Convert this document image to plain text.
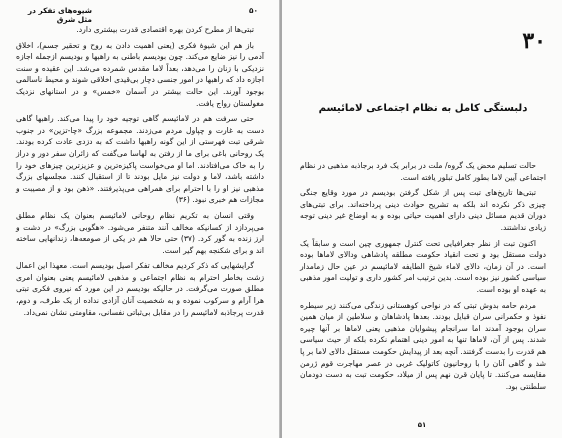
۵۰
شیوه‌های تفکر در مثل شرق

تبتی‌ها از مطرح کردن بهره اقتصادی قدرت بیشتری دارد.

باز هم این شیوهٔ فکری (یعنی اهمیت دادن به روح و تحقیر جسم)، اخلاق آدمی را نیز ضایع می‌کند. چون بودیسم باطنی به راهبها و بودیسم ازجمله اجازه نزدیکی با زنان را می‌دهد، بعداً لاما مقدس شمرده می‌شد. این عقیده و سنت اجازه داد که راهبها در امور جنسی دچار بی‌قیدی اخلاقی شوند و محیط ناسالمی بوجود آورند. این حالت بیشتر در آسمان «خمس» و در استانهای نزدیک مغولستان رواج یافت.

حتی سرفت هم در لامائیسم گاهی توجیه خود را پیدا می‌کند. راهبها گاهی دست به غارت و چپاول مردم می‌زدند. مجموعه بزرگ «چا-تزین» در جنوب شرقی تبت فهرستی از این گونه راهبها داشت که به دزدی عادت کرده بودند. یک روحانی باغی برای ما از رفتن به لهاسا می‌گفت که زائران سفر دور و دراز را به خاک می‌افتادند. اما او می‌خواست پاکیزه‌ترین و عزیزترین چیزهای خود را داشته باشد، لاما و دولت نیز مایل بودند تا از استقبال کنند. مجلسهای بزرگ مذهبی نیز او را با احترام برای همراهی می‌پذیرفتند. «ذهن بود و از مصیبت و مجازات هم خبری نبود. (۳۶)

وقتی انسان به تکریم نظام روحانی لامائیسم بعنوان یک نظام مطلق می‌پردازد از کسانیکه مخالف آنند متنفر می‌شود. «هگوبی بزرگ» در دشت و ارز زنده به گور کرد. (۳۷) حتی حالا هم در یکی از صومعه‌ها، زندانهایی ساخته اند و برای شکنجه بهم گیر است.

گرایشهایی که ذکر کردیم مخالف تفکر اصیل بودیسم است. معهذا این اعمال زشت بخاطر احترام به نظام اجتماعی و مذهبی لامائیسم یعنی بعنوان امری مطلق صورت می‌گرفت. در حالیکه بودیسم در این مورد که نیروی فکری تبتی هرا آرام و سرکوب نموده و به شخصیت آنان آزادی نداده از یک طرف، و دوم، قدرت پرجاذبه لامائیسم را در مقابل بی‌ثباتی نفسانی، مقاومتی نشان نمی‌داد.

۳۰
دلبستگی کامل به نظام اجتماعی لامائیسم

حالت تسلیم محض یک گروه/ ملت در برابر یک فرد برجاذبه مذهبی در نظام اجتماعی آیین لاما بطور کامل تبلور یافته است.

تبتی‌ها تاریخ‌های تبت پس از شکل گرفتن بودیسم در مورد وقایع جنگی چیزی ذکر نکرده اند بلکه به تشریح حوادث دینی پرداخته‌اند. برای تبتی‌های دوران قدیم مسائل دینی دارای اهمیت حیاتی بوده و به اوضاع غیر دینی توجه زیادی نداشتند.

اکنون تبت از نظر جغرافیایی تحت کنترل جمهوری چین است و سابقاً یک دولت مستقل بود و تحت انقیاد حکومت مطلقه پادشاهی ودالای لاماها بوده است. در آن زمان، دالای لاماء شیخ الطایفه لامائیسم در عین حال زمامدار سیاسی کشور نیز بوده است. بدین ترتیب امر کشور داری و تولیت امور مذهبی به عهده او بوده است.

مردم حامه بدوش تبتی که در نواحی کوهستانی زندگی می‌کنند زیر سیطره نفوذ و حکمرانی سران قبایل بودند. بعدها پادشاهان و سلاطین از میان همین سران بوجود آمدند اما سرانجام پیشوایان مذهبی یعنی لاماها بر آنها چیره شدند. پس از آن، لاماها تنها به امور دینی اهتمام نکرده بلکه از حیث سیاسی هم قدرت را بدست گرفتند. آنچه بعد از پیدایش حکومت مستقل دالای لاما بر پا شد و گاهی آنان را با روحانیون کاتولیک غربی در عصر مهاجرت قوم ژرمن مقایسه می‌کنند. تا پایان قرن نهم پس از میلاد، حکومت تبت به دست دودمان سلطنتی بود.

۵۱
